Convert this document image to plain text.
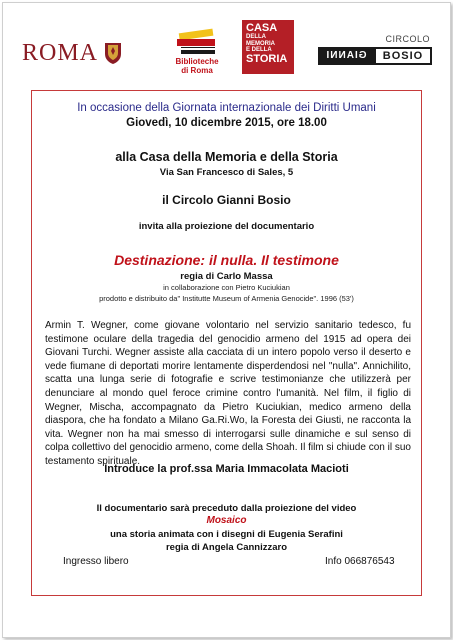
ROMA	Biblioteche
di Roma
CASA
DELLA
MEMORIA
E DELLA
STORIA
CIRCOLO
GIANNI	BOSIO
In occasione della Giornata internazionale dei Diritti Umani
Giovedì, 10 dicembre 2015, ore 18.00
alla Casa della Memoria e della Storia
Via San Francesco di Sales, 5
il Circolo Gianni Bosio
invita alla proiezione del documentario
Destinazione: il nulla. Il testimone
regia di Carlo Massa
in collaborazione con Pietro Kuciukian
prodotto e distribuito da" Institutte Museum of Armenia Genocide". 1996 (53')
Armin T. Wegner, come giovane volontario nel servizio sanitario tedesco, fu testimone oculare della tragedia del genocidio armeno del 1915 ad opera dei Giovani Turchi. Wegner assiste alla cacciata di un intero popolo verso il deserto e vede fiumane di deportati morire lentamente disperdendosi nel "nulla". Annichilito, scatta una lunga serie di fotografie e scrive testimonianze che utilizzerà per denunciare al mondo quel feroce crimine contro l'umanità. Nel film, il figlio di Wegner, Mischa, accompagnato da Pietro Kuciukian, medico armeno della diaspora, che ha fondato a Milano Ga.Ri.Wo, la Foresta dei Giusti, ne racconta la vita. Wegner non ha mai smesso di interrogarsi sulle dinamiche e sul senso di colpa collettivo del genocidio armeno, come della Shoah. Il film si chiude con il suo testamento spirituale.
Introduce la prof.ssa Maria Immacolata Macioti
Il documentario sarà preceduto dalla proiezione del video
Mosaico
una storia animata con i disegni di Eugenia Serafini
regia di Angela Cannizzaro
Ingresso libero	Info 066876543
